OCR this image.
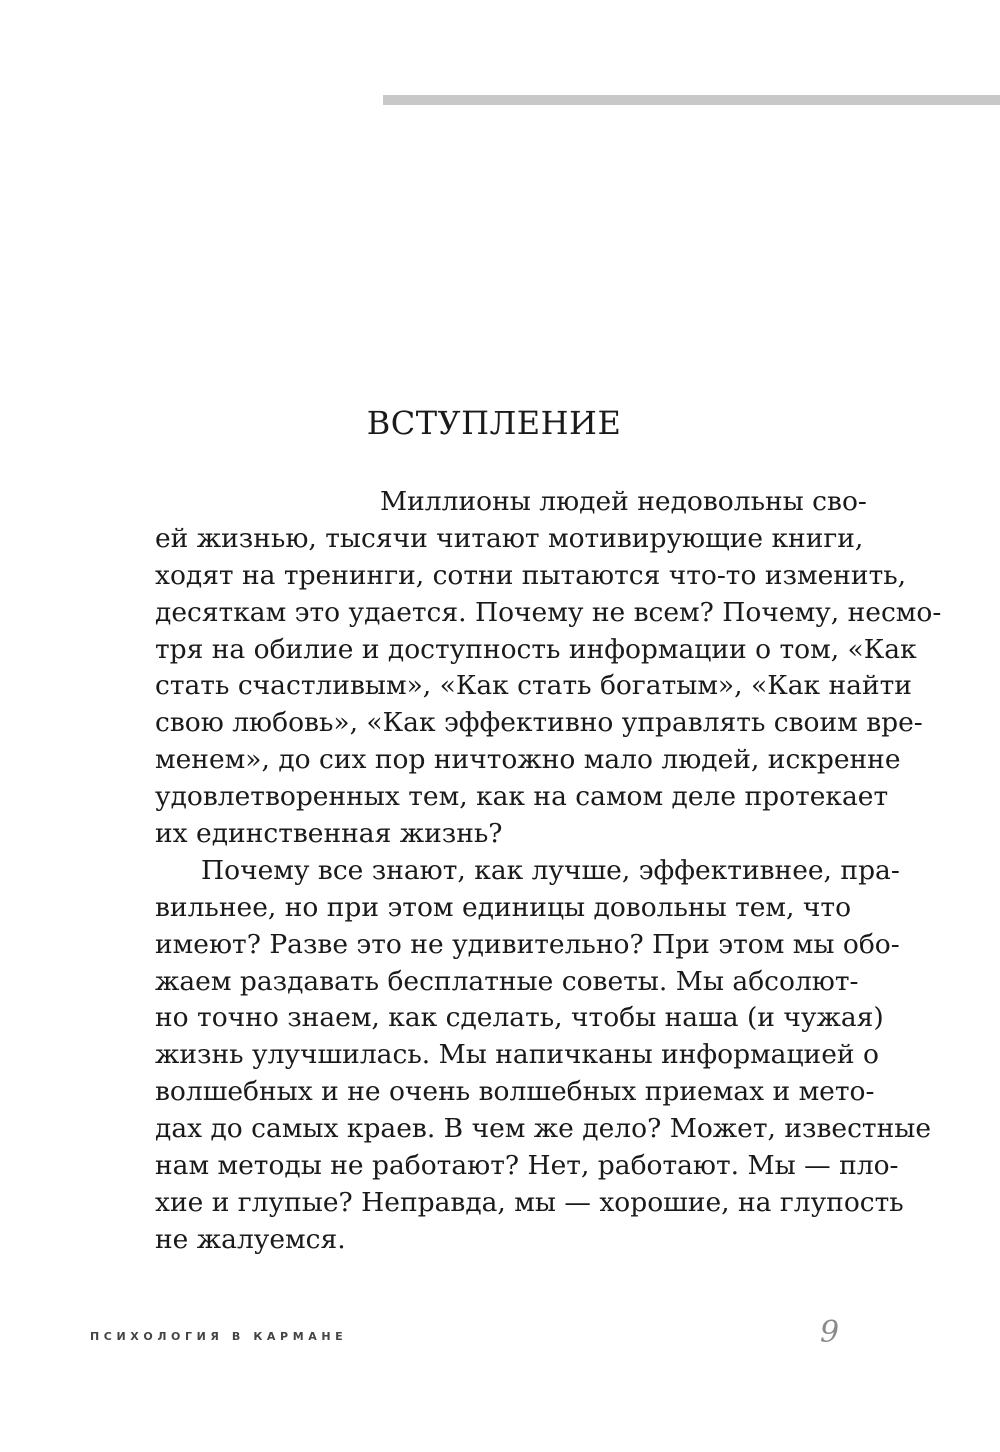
ВСТУПЛЕНИЕ
Миллионы людей недовольны сво-
ей жизнью, тысячи читают мотивирующие книги,
ходят на тренинги, сотни пытаются что-то изменить,
десяткам это удается. Почему не всем? Почему, несмо-
тря на обилие и доступность информации о том, «Как
стать счастливым», «Как стать богатым», «Как найти
свою любовь», «Как эффективно управлять своим вре-
менем», до сих пор ничтожно мало людей, искренне
удовлетворенных тем, как на самом деле протекает
их единственная жизнь?
Почему все знают, как лучше, эффективнее, пра-
вильнее, но при этом единицы довольны тем, что
имеют? Разве это не удивительно? При этом мы обо-
жаем раздавать бесплатные советы. Мы абсолют-
но точно знаем, как сделать, чтобы наша (и чужая)
жизнь улучшилась. Мы напичканы информацией о
волшебных и не очень волшебных приемах и мето-
дах до самых краев. В чем же дело? Может, известные
нам методы не работают? Нет, работают. Мы — пло-
хие и глупые? Неправда, мы — хорошие, на глупость
не жалуемся.
ПСИХОЛОГИЯ В КАРМАНЕ	9
